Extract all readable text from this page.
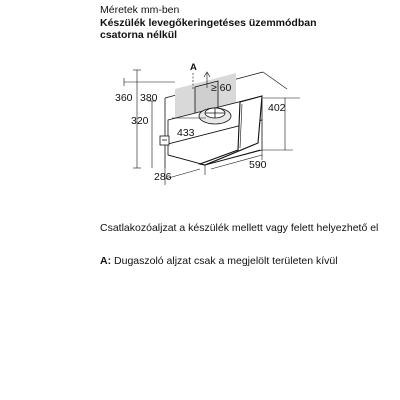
Méretek mm-ben
Készülék levegőkeringetéses üzemmódban
csatorna nélkül
A
≥ 60
360 380
320
433
402
590
286
Csatlakozóaljzat a készülék mellett vagy felett helyezhető el
A: Dugaszoló aljzat csak a megjelölt területen kívül
